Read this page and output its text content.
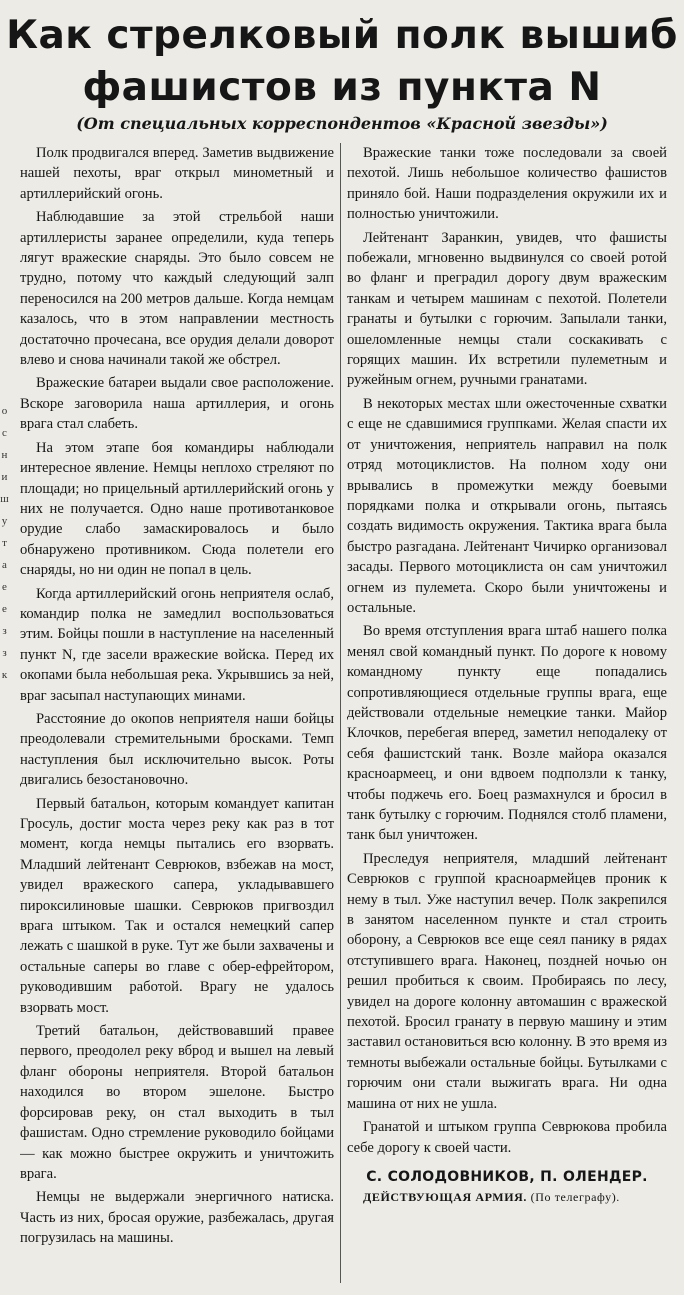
Как стрелковый полк вышиб фашистов из пункта N

(От специальных корреспондентов «Красной звезды»)

о
с
н
и
ш
у
т
а
е
е
з
з
к

Полк продвигался вперед. Заметив выдвижение нашей пехоты, враг открыл минометный и артиллерийский огонь.

Наблюдавшие за этой стрельбой наши артиллеристы заранее определили, куда теперь лягут вражеские снаряды. Это было совсем не трудно, потому что каждый следующий залп переносился на 200 метров дальше. Когда немцам казалось, что в этом направлении местность достаточно прочесана, все орудия делали доворот влево и снова начинали такой же обстрел.

Вражеские батареи выдали свое расположение. Вскоре заговорила наша артиллерия, и огонь врага стал слабеть.

На этом этапе боя командиры наблюдали интересное явление. Немцы неплохо стреляют по площади; но прицельный артиллерийский огонь у них не получается. Одно наше противотанковое орудие слабо замаскировалось и было обнаружено противником. Сюда полетели его снаряды, но ни один не попал в цель.

Когда артиллерийский огонь неприятеля ослаб, командир полка не замедлил воспользоваться этим. Бойцы пошли в наступление на населенный пункт N, где засели вражеские войска. Перед их окопами была небольшая река. Укрывшись за ней, враг засыпал наступающих минами.

Расстояние до окопов неприятеля наши бойцы преодолевали стремительными бросками. Темп наступления был исключительно высок. Роты двигались безостановочно.

Первый батальон, которым командует капитан Гросуль, достиг моста через реку как раз в тот момент, когда немцы пытались его взорвать. Младший лейтенант Севрюков, взбежав на мост, увидел вражеского сапера, укладывавшего пироксилиновые шашки. Севрюков пригвоздил врага штыком. Так и остался немецкий сапер лежать с шашкой в руке. Тут же были захвачены и остальные саперы во главе с обер-ефрейтором, руководившим работой. Врагу не удалось взорвать мост.

Третий батальон, действовавший правее первого, преодолел реку вброд и вышел на левый фланг обороны неприятеля. Второй батальон находился во втором эшелоне. Быстро форсировав реку, он стал выходить в тыл фашистам. Одно стремление руководило бойцами — как можно быстрее окружить и уничтожить врага.

Немцы не выдержали энергичного натиска. Часть из них, бросая оружие, разбежалась, другая погрузилась на машины.

Вражеские танки тоже последовали за своей пехотой. Лишь небольшое количество фашистов приняло бой. Наши подразделения окружили их и полностью уничтожили.

Лейтенант Заранкин, увидев, что фашисты побежали, мгновенно выдвинулся со своей ротой во фланг и преградил дорогу двум вражеским танкам и четырем машинам с пехотой. Полетели гранаты и бутылки с горючим. Запылали танки, ошеломленные немцы стали соскакивать с горящих машин. Их встретили пулеметным и ружейным огнем, ручными гранатами.

В некоторых местах шли ожесточенные схватки с еще не сдавшимися группками. Желая спасти их от уничтожения, неприятель направил на полк отряд мотоциклистов. На полном ходу они врывались в промежутки между боевыми порядками полка и открывали огонь, пытаясь создать видимость окружения. Тактика врага была быстро разгадана. Лейтенант Чичирко организовал засады. Первого мотоциклиста он сам уничтожил огнем из пулемета. Скоро были уничтожены и остальные.

Во время отступления врага штаб нашего полка менял свой командный пункт. По дороге к новому командному пункту еще попадались сопротивляющиеся отдельные группы врага, еще действовали отдельные немецкие танки. Майор Клочков, перебегая вперед, заметил неподалеку от себя фашистский танк. Возле майора оказался красноармеец, и они вдвоем подползли к танку, чтобы поджечь его. Боец размахнулся и бросил в танк бутылку с горючим. Поднялся столб пламени, танк был уничтожен.

Преследуя неприятеля, младший лейтенант Севрюков с группой красноармейцев проник к нему в тыл. Уже наступил вечер. Полк закрепился в занятом населенном пункте и стал строить оборону, а Севрюков все еще сеял панику в рядах отступившего врага. Наконец, поздней ночью он решил пробиться к своим. Пробираясь по лесу, увидел на дороге колонну автомашин с вражеской пехотой. Бросил гранату в первую машину и этим заставил остановиться всю колонну. В это время из темноты выбежали остальные бойцы. Бутылками с горючим они стали выжигать врага. Ни одна машина от них не ушла.

Гранатой и штыком группа Севрюкова пробила себе дорогу к своей части.

С. СОЛОДОВНИКОВ, П. ОЛЕНДЕР.

ДЕЙСТВУЮЩАЯ АРМИЯ. (По телеграфу).
